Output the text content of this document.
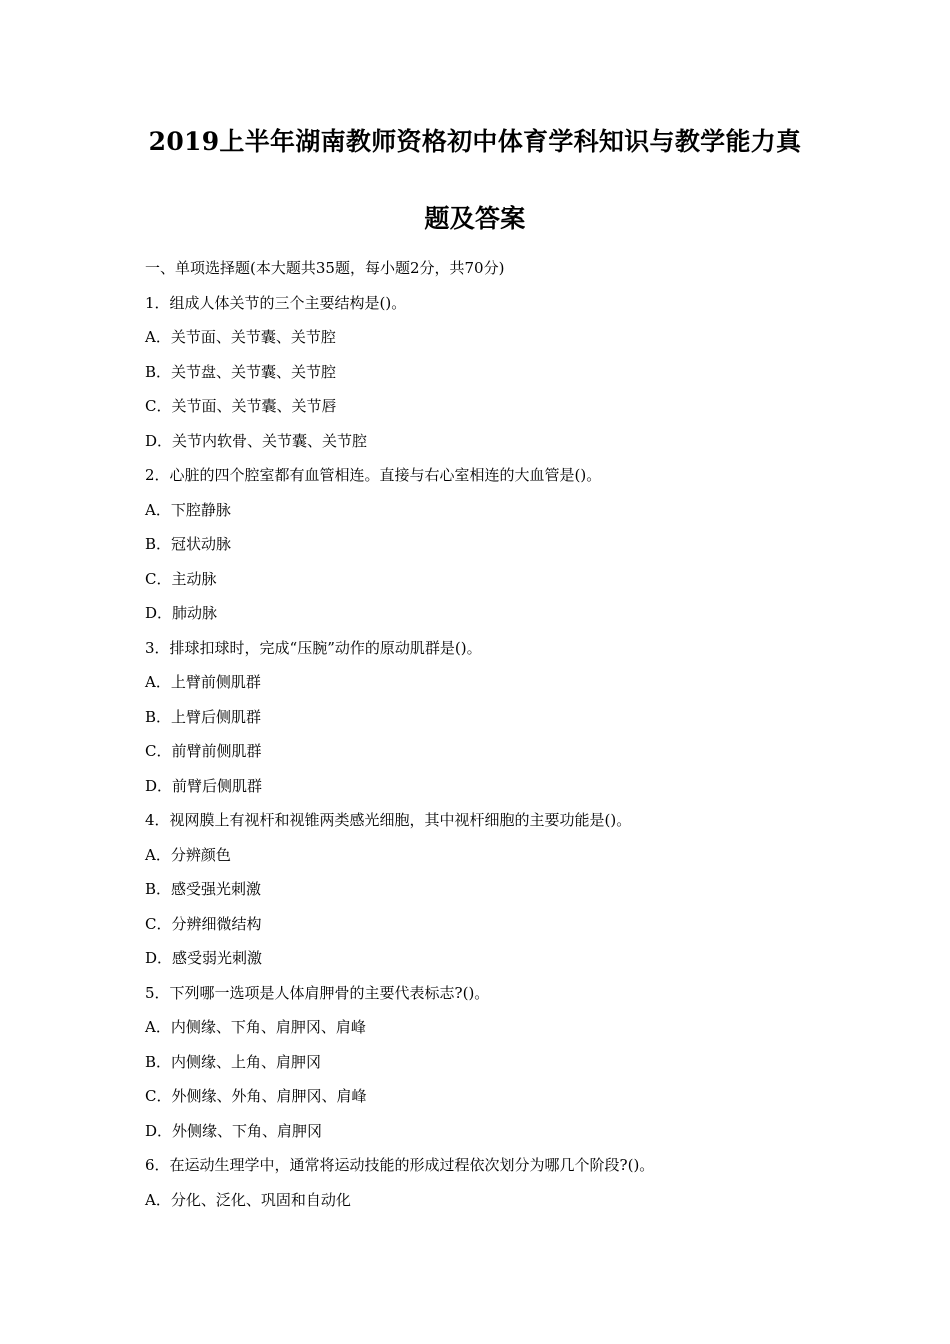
2019上半年湖南教师资格初中体育学科知识与教学能力真
题及答案
一、单项选择题(本大题共35题，每小题2分，共70分)
1．组成人体关节的三个主要结构是()。
A．关节面、关节囊、关节腔
B．关节盘、关节囊、关节腔
C．关节面、关节囊、关节唇
D．关节内软骨、关节囊、关节腔
2．心脏的四个腔室都有血管相连。直接与右心室相连的大血管是()。
A．下腔静脉
B．冠状动脉
C．主动脉
D．肺动脉
3．排球扣球时，完成“压腕”动作的原动肌群是()。
A．上臂前侧肌群
B．上臂后侧肌群
C．前臂前侧肌群
D．前臂后侧肌群
4．视网膜上有视杆和视锥两类感光细胞，其中视杆细胞的主要功能是()。
A．分辨颜色
B．感受强光刺激
C．分辨细微结构
D．感受弱光刺激
5．下列哪一选项是人体肩胛骨的主要代表标志?()。
A．内侧缘、下角、肩胛冈、肩峰
B．内侧缘、上角、肩胛冈
C．外侧缘、外角、肩胛冈、肩峰
D．外侧缘、下角、肩胛冈
6．在运动生理学中，通常将运动技能的形成过程依次划分为哪几个阶段?()。
A．分化、泛化、巩固和自动化
